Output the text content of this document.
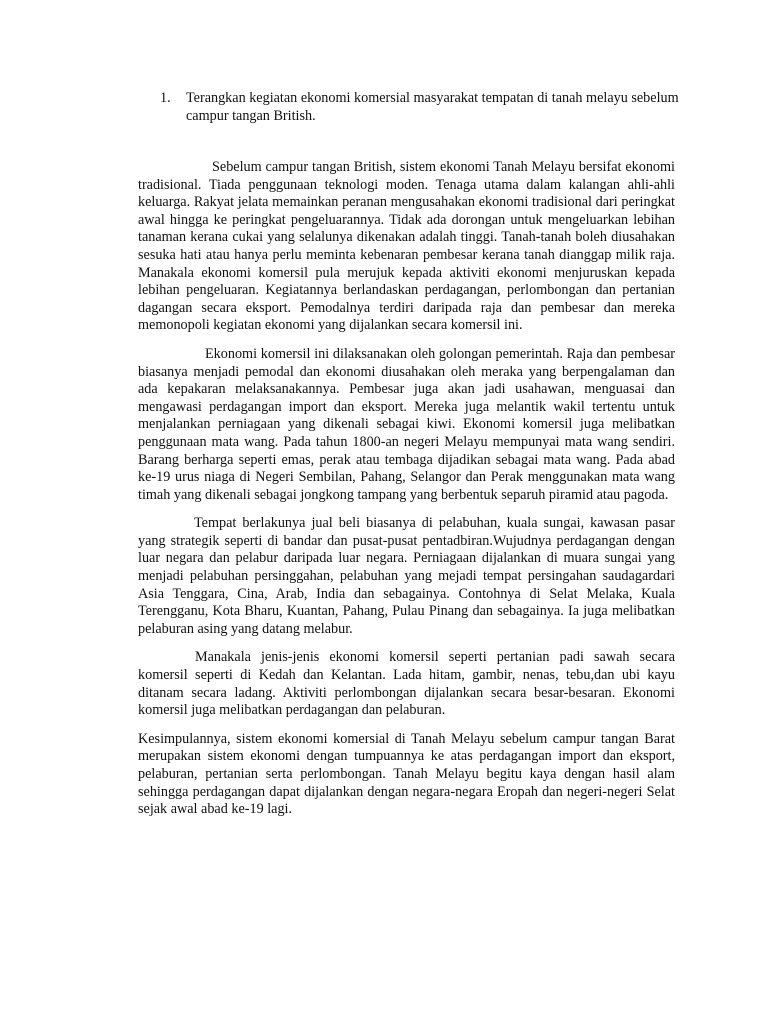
1.	Terangkan kegiatan ekonomi komersial masyarakat tempatan di tanah melayu sebelum campur tangan British.

Sebelum campur tangan British, sistem ekonomi Tanah Melayu bersifat ekonomi tradisional. Tiada penggunaan teknologi moden. Tenaga utama dalam kalangan ahli-ahli keluarga. Rakyat jelata memainkan peranan mengusahakan ekonomi tradisional dari peringkat awal hingga ke peringkat pengeluarannya. Tidak ada dorongan untuk mengeluarkan lebihan tanaman kerana cukai yang selalunya dikenakan adalah tinggi. Tanah-tanah boleh diusahakan sesuka hati atau hanya perlu meminta kebenaran pembesar kerana tanah dianggap milik raja. Manakala ekonomi komersil pula merujuk kepada aktiviti ekonomi menjuruskan kepada lebihan pengeluaran. Kegiatannya berlandaskan perdagangan, perlombongan dan pertanian dagangan secara eksport. Pemodalnya terdiri daripada raja dan pembesar dan mereka memonopoli kegiatan ekonomi yang dijalankan secara komersil ini.

Ekonomi komersil ini dilaksanakan oleh golongan pemerintah. Raja dan pembesar biasanya menjadi pemodal dan ekonomi diusahakan oleh meraka yang berpengalaman dan ada kepakaran melaksanakannya. Pembesar juga akan jadi usahawan, menguasai dan mengawasi perdagangan import dan eksport. Mereka juga melantik wakil tertentu untuk menjalankan perniagaan yang dikenali sebagai kiwi. Ekonomi komersil juga melibatkan penggunaan mata wang. Pada tahun 1800-an negeri Melayu mempunyai mata wang sendiri. Barang berharga seperti emas, perak atau tembaga dijadikan sebagai mata wang. Pada abad ke-19 urus niaga di Negeri Sembilan, Pahang, Selangor dan Perak menggunakan mata wang timah yang dikenali sebagai jongkong tampang yang berbentuk separuh piramid atau pagoda.

Tempat berlakunya jual beli biasanya di pelabuhan, kuala sungai, kawasan pasar yang strategik seperti di bandar dan pusat-pusat pentadbiran.Wujudnya perdagangan dengan luar negara dan pelabur daripada luar negara. Perniagaan dijalankan di muara sungai yang menjadi pelabuhan persinggahan, pelabuhan yang mejadi tempat persingahan saudagardari Asia Tenggara, Cina, Arab, India dan sebagainya. Contohnya di Selat Melaka, Kuala Terengganu, Kota Bharu, Kuantan, Pahang, Pulau Pinang dan sebagainya. Ia juga melibatkan pelaburan asing yang datang melabur.

Manakala jenis-jenis ekonomi komersil seperti pertanian padi sawah secara komersil seperti di Kedah dan Kelantan. Lada hitam, gambir, nenas, tebu,dan ubi kayu ditanam secara ladang. Aktiviti perlombongan dijalankan secara besar-besaran. Ekonomi komersil juga melibatkan perdagangan dan pelaburan.

Kesimpulannya, sistem ekonomi komersial di Tanah Melayu sebelum campur tangan Barat merupakan sistem ekonomi dengan tumpuannya ke atas perdagangan import dan eksport, pelaburan, pertanian serta perlombongan. Tanah Melayu begitu kaya dengan hasil alam sehingga perdagangan dapat dijalankan dengan negara-negara Eropah dan negeri-negeri Selat sejak awal abad ke-19 lagi.
